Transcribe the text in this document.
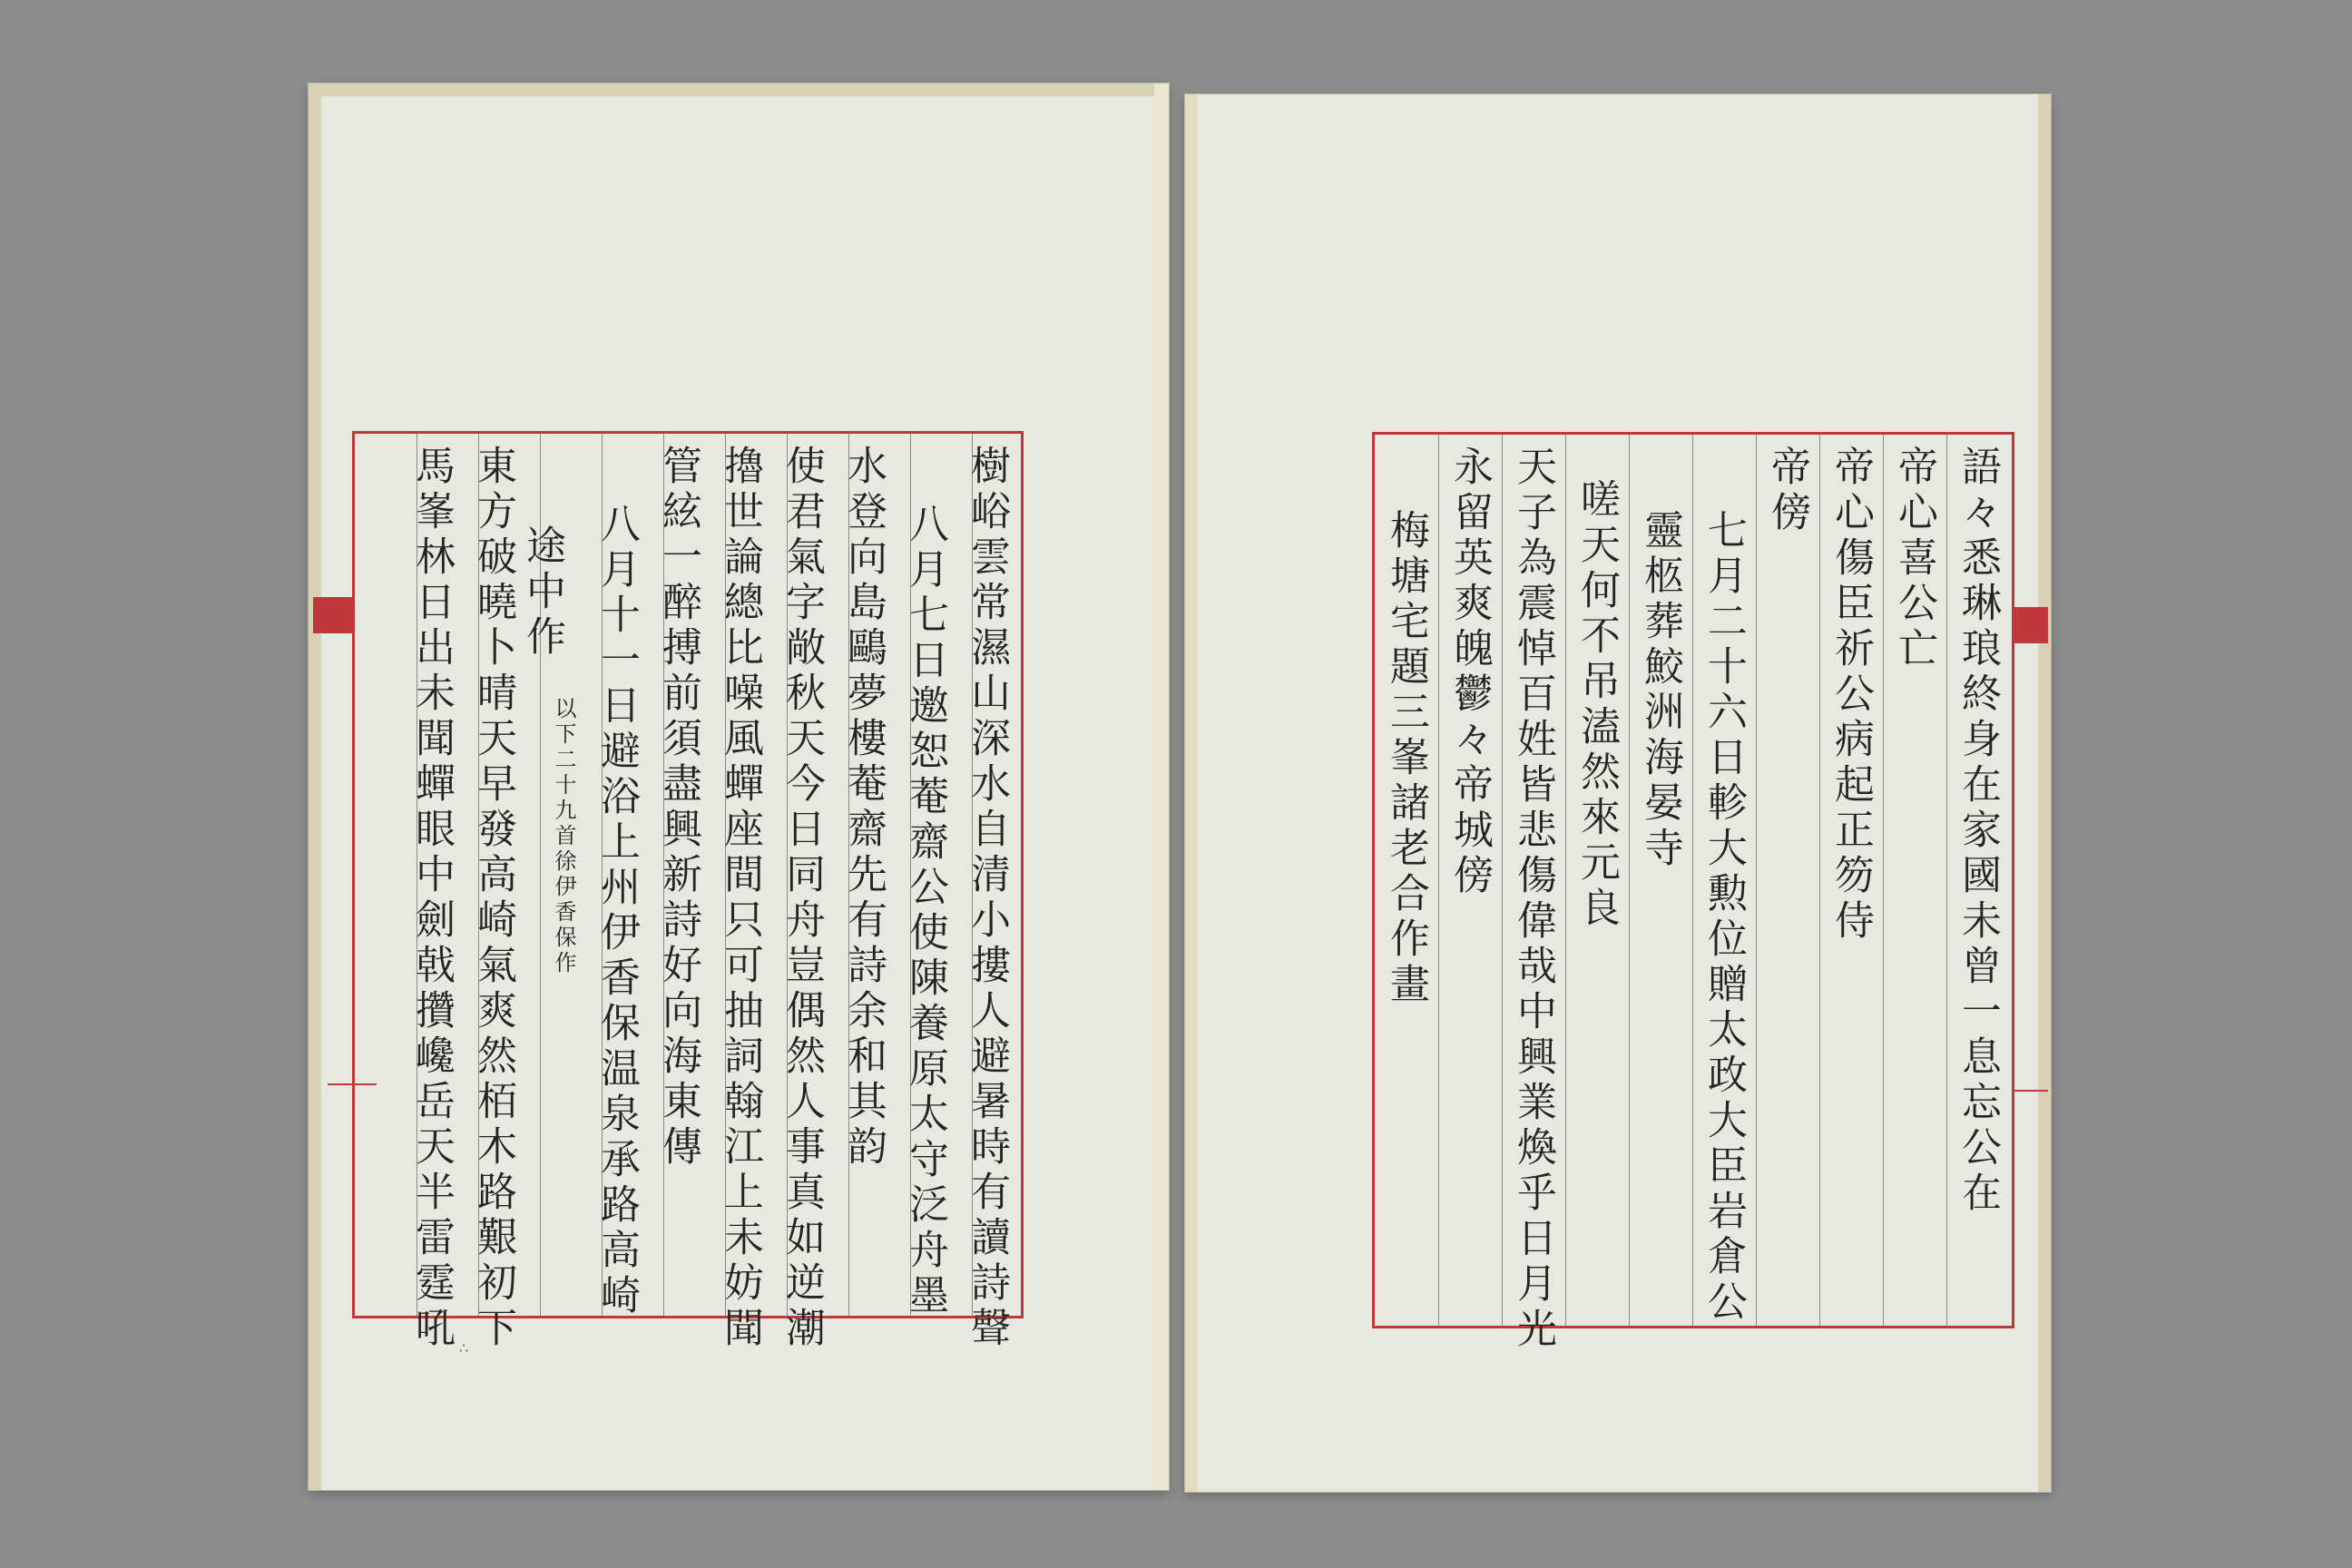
樹峪雲常濕山深水自清小摟人避暑時有讀詩聲
八月七日邀恕菴齋公使陳養原太守泛舟墨
水登向島鷗夢樓菴齋先有詩余和其韵
使君氣字敞秋天今日同舟豈偶然人事真如逆潮
擼世論總比噪風蟬座間只可抽詞翰江上未妨聞
管絃一醉搏前須盡興新詩好向海東傳
八月十一日避浴上州伊香保温泉承路高崎
途中作
以下二十九首徐伊香保作
東方破曉卜晴天早發高崎氣爽然栢木路艱初下
馬峯林日出未聞蟬眼中劍戟攢巉岳天半雷霆吼 ∴
語々悉琳琅終身在家國未曾一息忘公在
帝心喜公亡
帝心傷臣祈公病起正笏侍
帝傍
七月二十六日軫大勲位贈太政大臣岩倉公
靈柩葬鮫洲海晏寺
嗟天何不吊溘然來元良
天子為震悼百姓皆悲傷偉哉中興業煥乎日月光
永留英爽魄鬱々帝城傍
梅塘宅題三峯諸老合作畫
